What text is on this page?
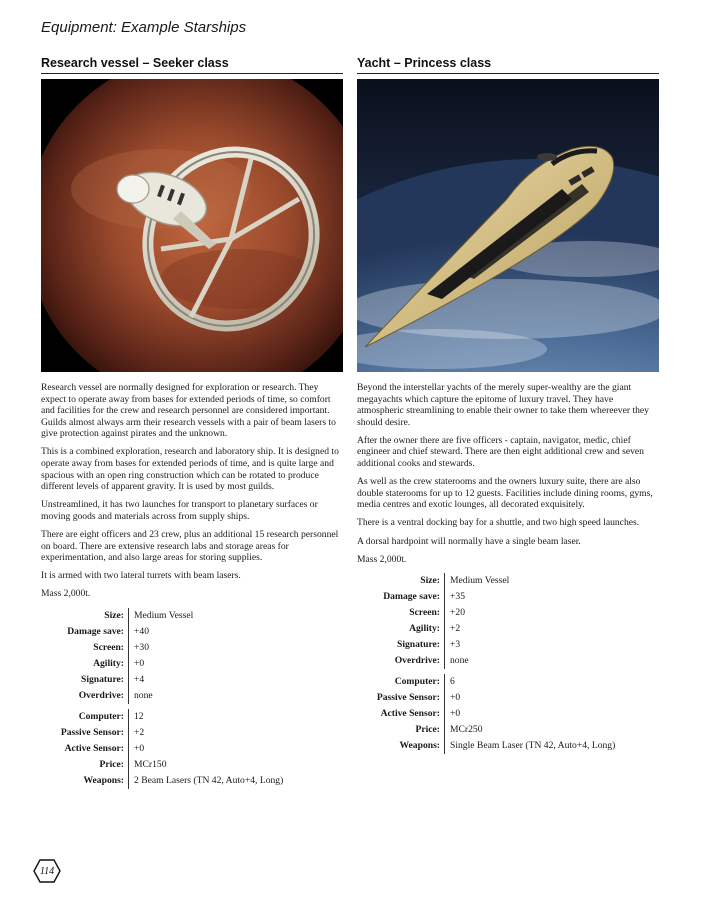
Equipment: Example Starships
Research vessel – Seeker class

Research vessel are normally designed for exploration or research. They expect to operate away from bases for extended periods of time, so comfort and facilities for the crew and research personnel are considered important. Guilds almost always arm their research vessels with a pair of beam lasers to give protection against pirates and the unknown.

This is a combined exploration, research and laboratory ship. It is designed to operate away from bases for extended periods of time, and is quite large and spacious with an open ring construction which can be rotated to produce different levels of apparent gravity. It is used by most guilds.

Unstreamlined, it has two launches for transport to planetary surfaces or moving goods and materials across from supply ships.

There are eight officers and 23 crew, plus an additional 15 research personnel on board. There are extensive research labs and storage areas for experimentation, and also large areas for storing supplies.

It is armed with two lateral turrets with beam lasers.

Mass 2,000t.

Size:	Medium Vessel
Damage save:	+40
Screen:	+30
Agility:	+0
Signature:	+4
Overdrive:	none
Computer:	12
Passive Sensor:	+2
Active Sensor:	+0
Price:	MCr150
Weapons:	2 Beam Lasers (TN 42, Auto+4, Long)
Yacht – Princess class

Beyond the interstellar yachts of the merely super-wealthy are the giant megayachts which capture the epitome of luxury travel. They have atmospheric streamlining to enable their owner to take them whereever they should desire.

After the owner there are five officers - captain, navigator, medic, chief engineer and chief steward. There are then eight additional crew and seven additional cooks and stewards.

As well as the crew staterooms and the owners luxury suite, there are also double staterooms for up to 12 guests. Facilities include dining rooms, gyms, media centres and exotic lounges, all decorated exquisitely.

There is a ventral docking bay for a shuttle, and two high speed launches.

A dorsal hardpoint will normally have a single beam laser.

Mass 2,000t.

Size:	Medium Vessel
Damage save:	+35
Screen:	+20
Agility:	+2
Signature:	+3
Overdrive:	none
Computer:	6
Passive Sensor:	+0
Active Sensor:	+0
Price:	MCr250
Weapons:	Single Beam Laser (TN 42, Auto+4, Long)
114
